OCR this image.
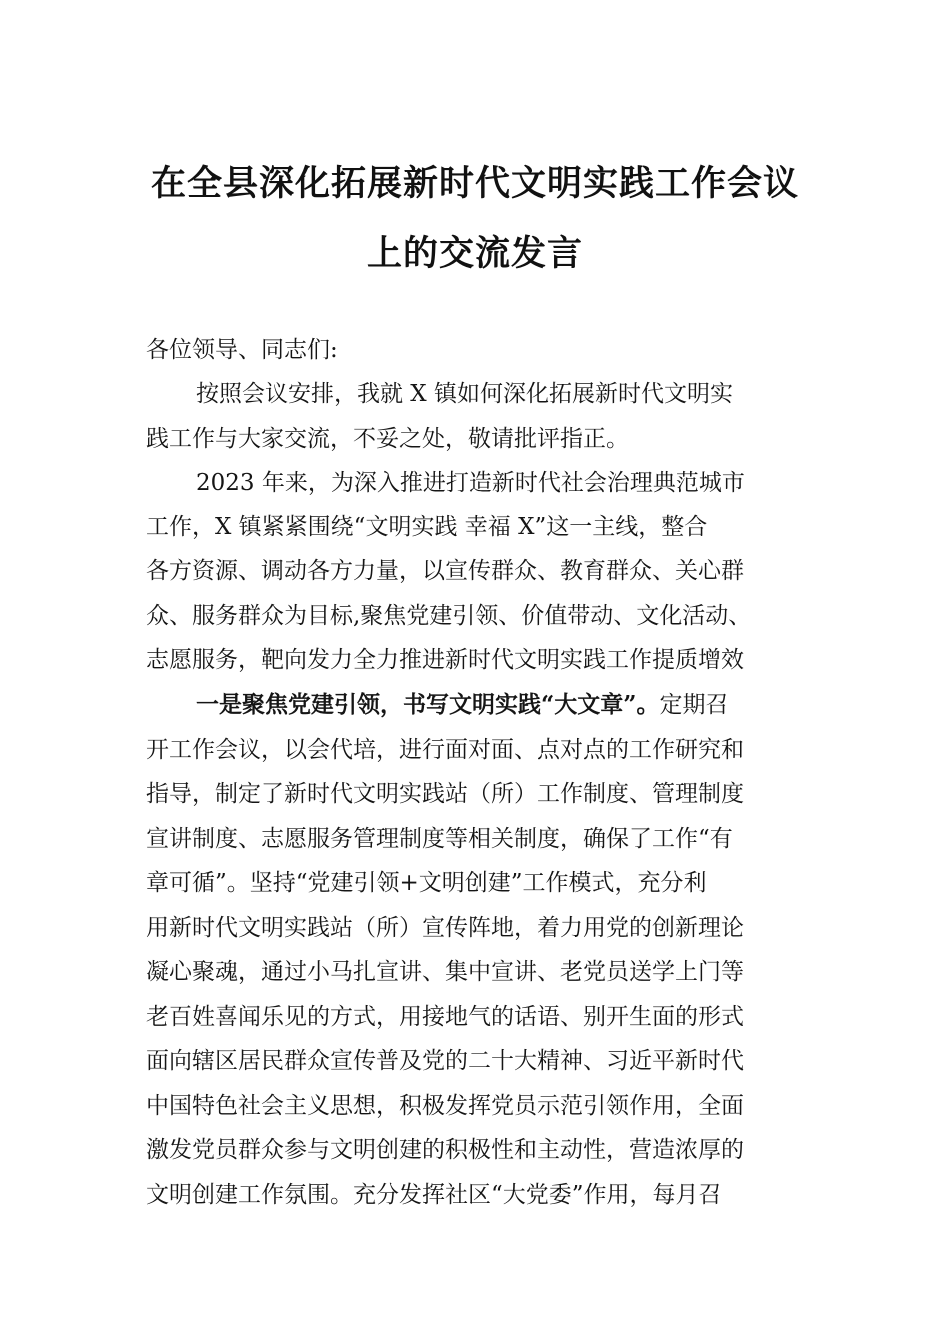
在全县深化拓展新时代文明实践工作会议
上的交流发言
各位领导、同志们:
按照会议安排，我就 X 镇如何深化拓展新时代文明实
践工作与大家交流，不妥之处，敬请批评指正。
2023 年来，为深入推进打造新时代社会治理典范城市
工作，X 镇紧紧围绕“文明实践 幸福 X”这一主线，整合
各方资源、调动各方力量，以宣传群众、教育群众、关心群
众、服务群众为目标,聚焦党建引领、价值带动、文化活动、
志愿服务，靶向发力全力推进新时代文明实践工作提质增效
一是聚焦党建引领，书写文明实践“大文章”。定期召
开工作会议，以会代培，进行面对面、点对点的工作研究和
指导，制定了新时代文明实践站（所）工作制度、管理制度
宣讲制度、志愿服务管理制度等相关制度，确保了工作“有
章可循”。坚持“党建引领+文明创建”工作模式，充分利
用新时代文明实践站（所）宣传阵地，着力用党的创新理论
凝心聚魂，通过小马扎宣讲、集中宣讲、老党员送学上门等
老百姓喜闻乐见的方式，用接地气的话语、别开生面的形式
面向辖区居民群众宣传普及党的二十大精神、习近平新时代
中国特色社会主义思想，积极发挥党员示范引领作用，全面
激发党员群众参与文明创建的积极性和主动性，营造浓厚的
文明创建工作氛围。充分发挥社区“大党委”作用，每月召
